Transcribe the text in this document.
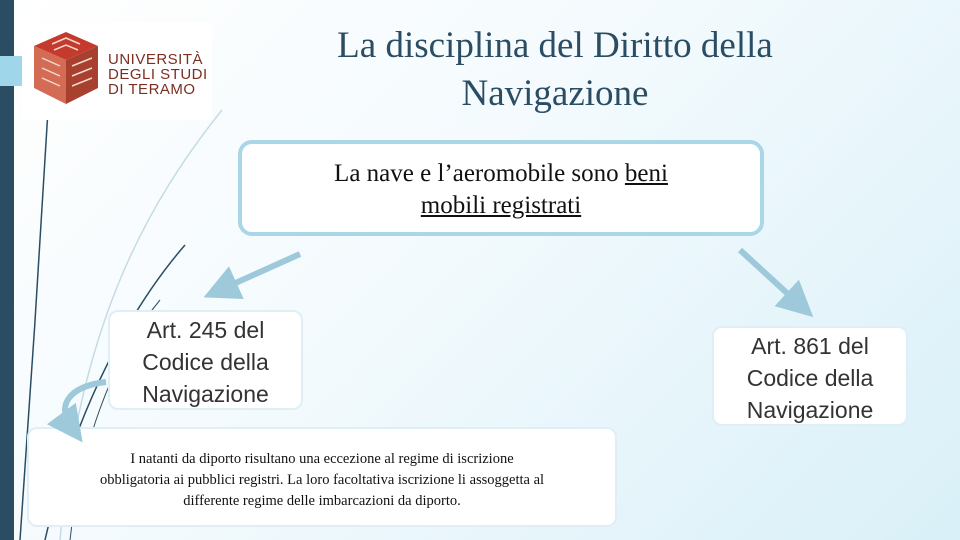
UNIVERSITÀ
DEGLI STUDI
DI TERAMO
La disciplina del Diritto della
Navigazione
La nave e l’aeromobile sono beni
mobili registrati
Art. 245 del
Codice della
Navigazione
Art. 861 del
Codice della
Navigazione
I natanti da diporto risultano una eccezione al regime di iscrizione
obbligatoria ai pubblici registri. La loro facoltativa iscrizione li assoggetta al
differente regime delle imbarcazioni da diporto.
